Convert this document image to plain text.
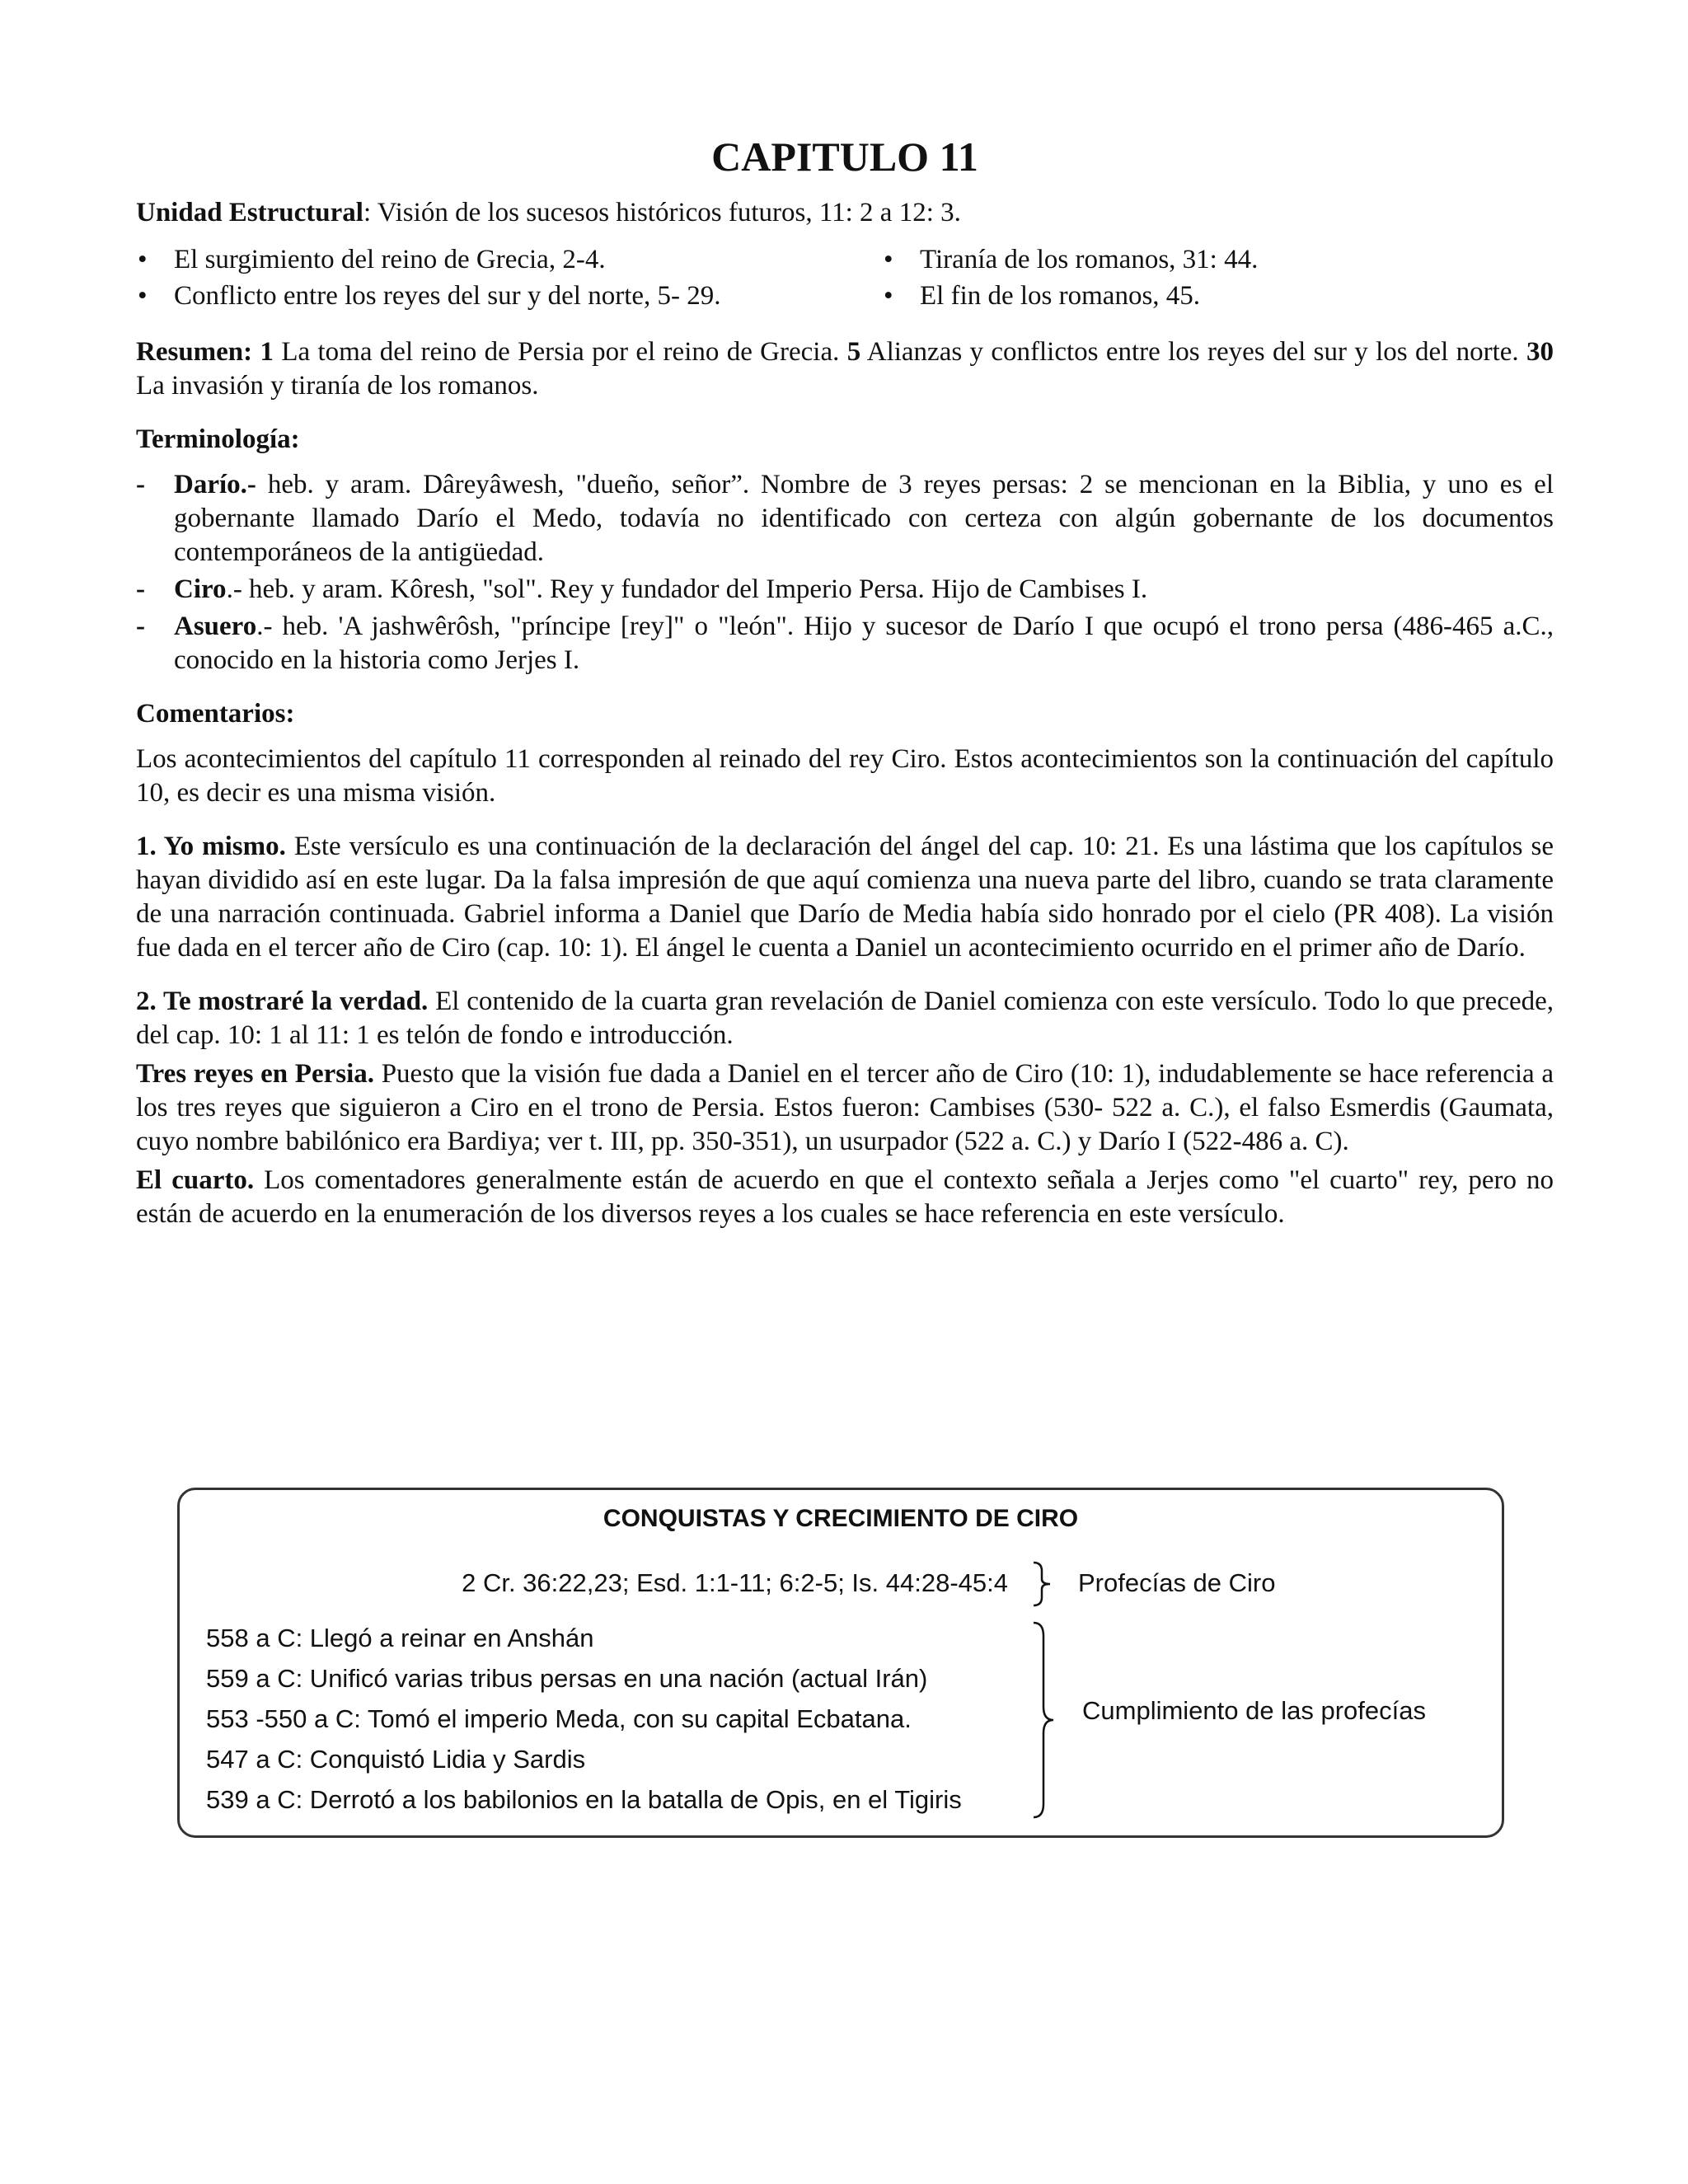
CAPITULO 11

Unidad Estructural: Visión de los sucesos históricos futuros, 11: 2 a 12: 3.

• El surgimiento del reino de Grecia, 2-4.
• Conflicto entre los reyes del sur y del norte, 5- 29.
• Tiranía de los romanos, 31: 44.
• El fin de los romanos, 45.

Resumen: 1 La toma del reino de Persia por el reino de Grecia. 5 Alianzas y conflictos entre los reyes del sur y los del norte. 30 La invasión y tiranía de los romanos.

Terminología:

- Darío.- heb. y aram. Dâreyâwesh, "dueño, señor”. Nombre de 3 reyes persas: 2 se mencionan en la Biblia, y uno es el gobernante llamado Darío el Medo, todavía no identificado con certeza con algún gobernante de los documentos contemporáneos de la antigüedad.
- Ciro.- heb. y aram. Kôresh, "sol". Rey y fundador del Imperio Persa. Hijo de Cambises I.
- Asuero.- heb. 'A jashwêrôsh, "príncipe [rey]" o "león". Hijo y sucesor de Darío I que ocupó el trono persa (486-465 a.C., conocido en la historia como Jerjes I.

Comentarios:

Los acontecimientos del capítulo 11 corresponden al reinado del rey Ciro. Estos acontecimientos son la continuación del capítulo 10, es decir es una misma visión.

1. Yo mismo. Este versículo es una continuación de la declaración del ángel del cap. 10: 21. Es una lástima que los capítulos se hayan dividido así en este lugar. Da la falsa impresión de que aquí comienza una nueva parte del libro, cuando se trata claramente de una narración continuada. Gabriel informa a Daniel que Darío de Media había sido honrado por el cielo (PR 408). La visión fue dada en el tercer año de Ciro (cap. 10: 1). El ángel le cuenta a Daniel un acontecimiento ocurrido en el primer año de Darío.

2. Te mostraré la verdad. El contenido de la cuarta gran revelación de Daniel comienza con este versículo. Todo lo que precede, del cap. 10: 1 al 11: 1 es telón de fondo e introducción.

Tres reyes en Persia. Puesto que la visión fue dada a Daniel en el tercer año de Ciro (10: 1), indudablemente se hace referencia a los tres reyes que siguieron a Ciro en el trono de Persia. Estos fueron: Cambises (530- 522 a. C.), el falso Esmerdis (Gaumata, cuyo nombre babilónico era Bardiya; ver t. III, pp. 350-351), un usurpador (522 a. C.) y Darío I (522-486 a. C).

El cuarto. Los comentadores generalmente están de acuerdo en que el contexto señala a Jerjes como "el cuarto" rey, pero no están de acuerdo en la enumeración de los diversos reyes a los cuales se hace referencia en este versículo.

CONQUISTAS Y CRECIMIENTO DE CIRO
2 Cr. 36:22,23; Esd. 1:1-11; 6:2-5; Is. 44:28-45:4	Profecías de Ciro
558 a C: Llegó a reinar en Anshán
559 a C: Unificó varias tribus persas en una nación (actual Irán)
553 -550 a C: Tomó el imperio Meda, con su capital Ecbatana.
547 a C: Conquistó Lidia y Sardis
539 a C: Derrotó a los babilonios en la batalla de Opis, en el Tigiris
Cumplimiento de las profecías
